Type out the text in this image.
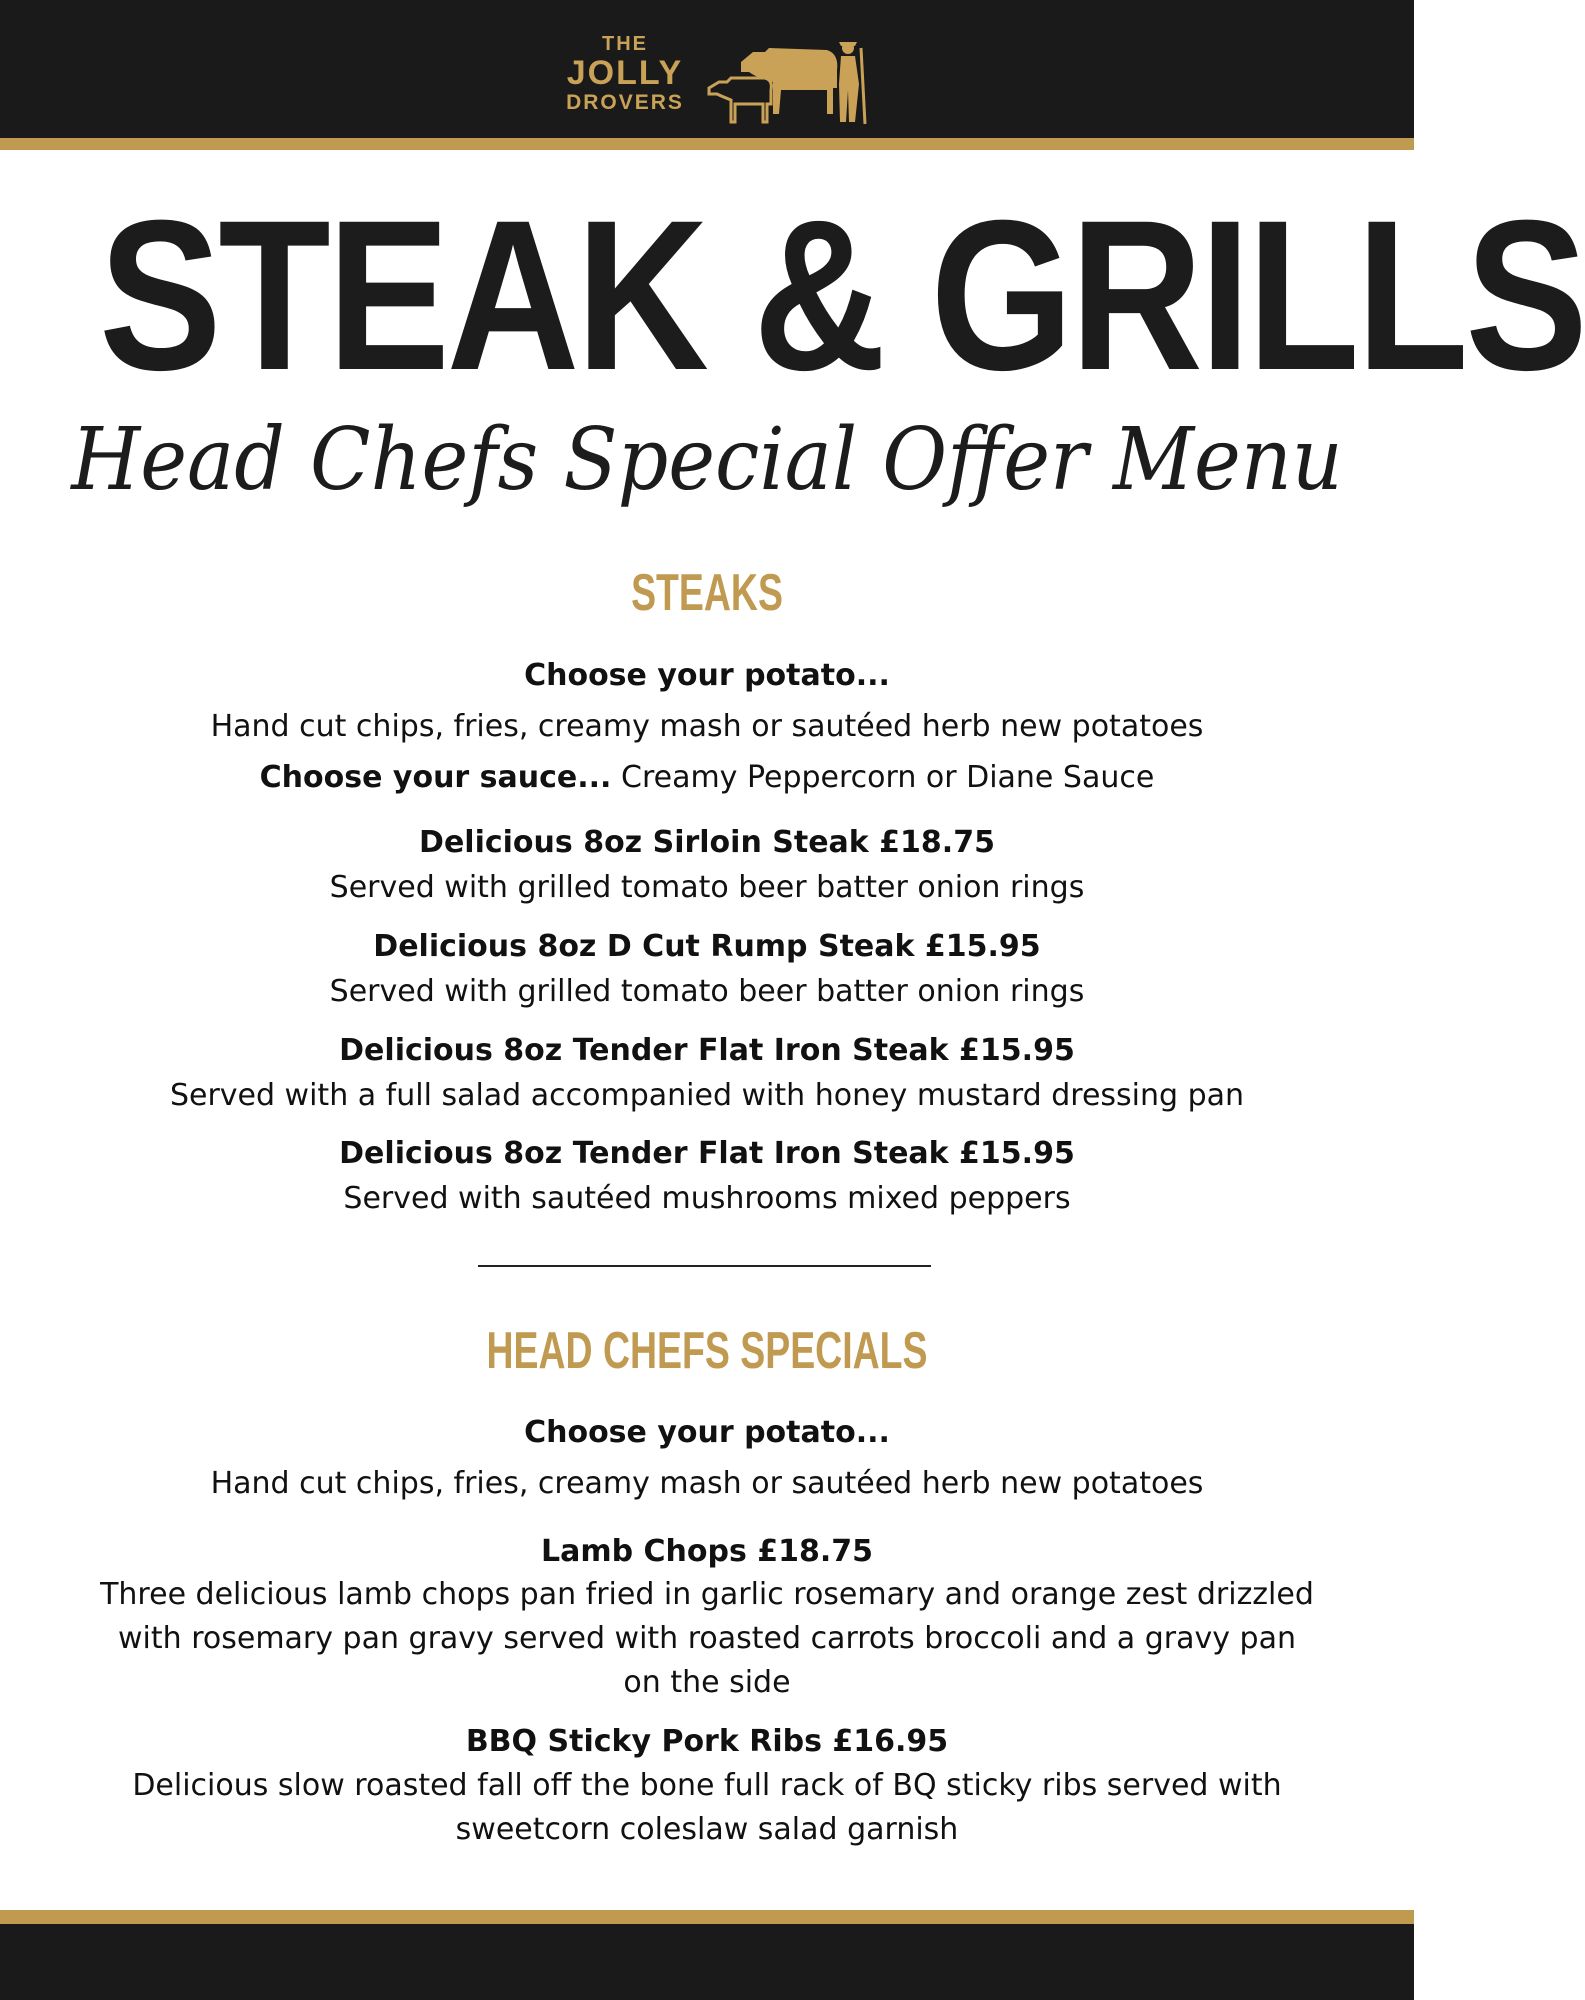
THE
JOLLY
DROVERS
STEAK & GRILLS
Head Chefs Special Offer Menu
STEAKS
Choose your potato...
Hand cut chips, fries, creamy mash or sautéed herb new potatoes
Choose your sauce... Creamy Peppercorn or Diane Sauce
Delicious 8oz Sirloin Steak £18.75
Served with grilled tomato beer batter onion rings
Delicious 8oz D Cut Rump Steak £15.95
Served with grilled tomato beer batter onion rings
Delicious 8oz Tender Flat Iron Steak £15.95
Served with a full salad accompanied with honey mustard dressing pan
Delicious 8oz Tender Flat Iron Steak £15.95
Served with sautéed mushrooms mixed peppers
HEAD CHEFS SPECIALS
Choose your potato...
Hand cut chips, fries, creamy mash or sautéed herb new potatoes
Lamb Chops £18.75
Three delicious lamb chops pan fried in garlic rosemary and orange zest drizzled
with rosemary pan gravy served with roasted carrots broccoli and a gravy pan
on the side
BBQ Sticky Pork Ribs £16.95
Delicious slow roasted fall off the bone full rack of BQ sticky ribs served with
sweetcorn coleslaw salad garnish
